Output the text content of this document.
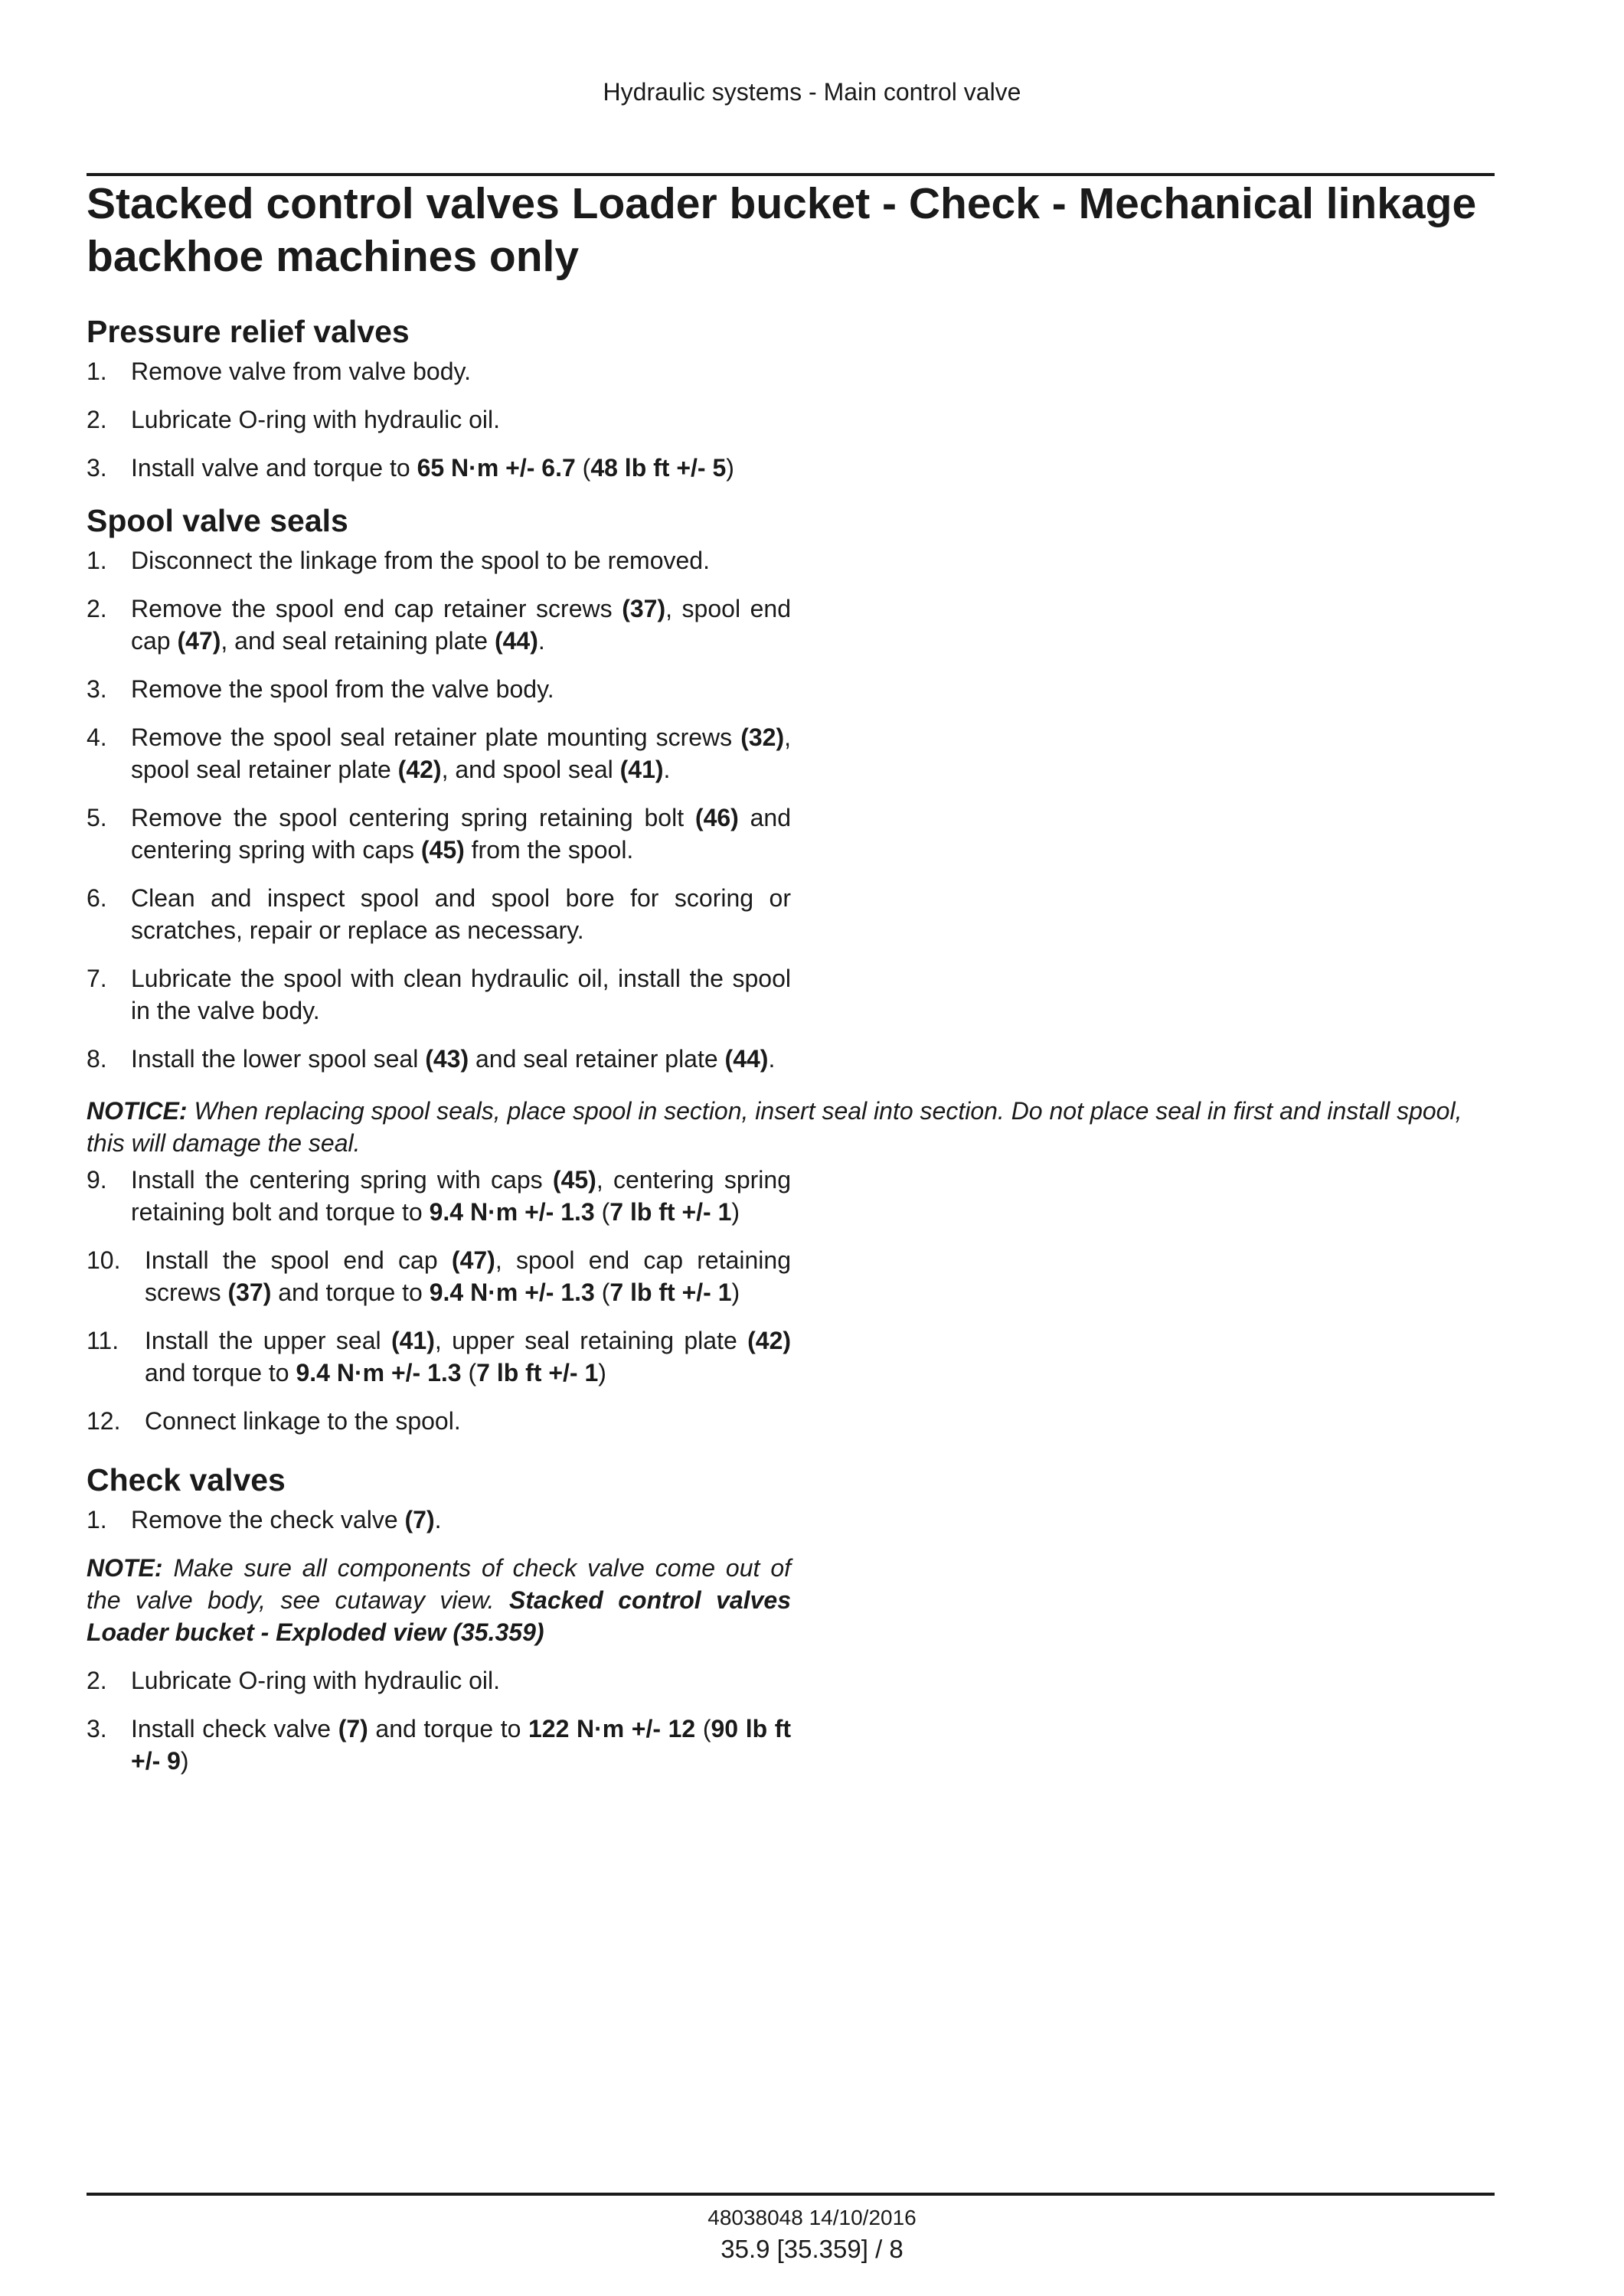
Hydraulic systems - Main control valve
Stacked control valves Loader bucket - Check - Mechanical linkage backhoe machines only
Pressure relief valves
1. Remove valve from valve body.
2. Lubricate O-ring with hydraulic oil.
3. Install valve and torque to 65 N·m +/- 6.7 (48 lb ft +/- 5)
Spool valve seals
1. Disconnect the linkage from the spool to be removed.
2. Remove the spool end cap retainer screws (37), spool end cap (47), and seal retaining plate (44).
3. Remove the spool from the valve body.
4. Remove the spool seal retainer plate mounting screws (32), spool seal retainer plate (42), and spool seal (41).
5. Remove the spool centering spring retaining bolt (46) and centering spring with caps (45) from the spool.
6. Clean and inspect spool and spool bore for scoring or scratches, repair or replace as necessary.
7. Lubricate the spool with clean hydraulic oil, install the spool in the valve body.
8. Install the lower spool seal (43) and seal retainer plate (44).

NOTICE: When replacing spool seals, place spool in section, insert seal into section. Do not place seal in first and install spool, this will damage the seal.

9. Install the centering spring with caps (45), centering spring retaining bolt and torque to 9.4 N·m +/- 1.3 (7 lb ft +/- 1)
10. Install the spool end cap (47), spool end cap retaining screws (37) and torque to 9.4 N·m +/- 1.3 (7 lb ft +/- 1)
11. Install the upper seal (41), upper seal retaining plate (42) and torque to 9.4 N·m +/- 1.3 (7 lb ft +/- 1)
12. Connect linkage to the spool.
Check valves
1. Remove the check valve (7).

NOTE: Make sure all components of check valve come out of the valve body, see cutaway view. Stacked control valves Loader bucket - Exploded view (35.359)

2. Lubricate O-ring with hydraulic oil.
3. Install check valve (7) and torque to 122 N·m +/- 12 (90 lb ft +/- 9)
48038048 14/10/2016
35.9 [35.359] / 8
